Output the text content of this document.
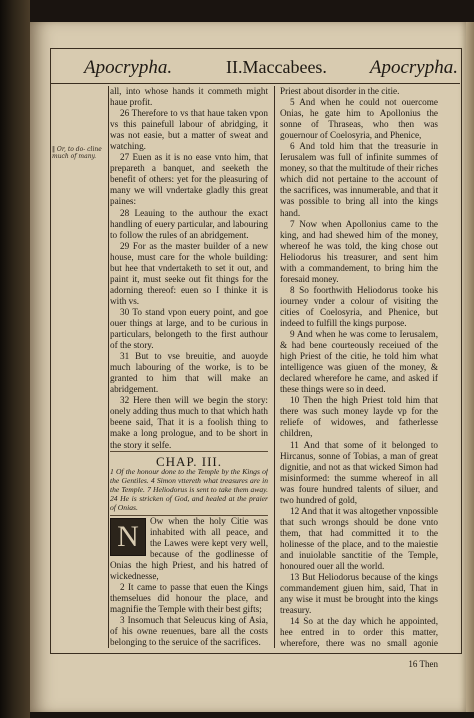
Apocrypha.	II.Maccabees. Apocrypha.
‖ Or, to do- cline much of many.

all, into whose hands it commeth might haue profit.

26 Therefore to vs that haue taken vpon vs this painefull labour of abridging, it was not easie, but a matter of sweat and watching.

27 Euen as it is no ease vnto him, that prepareth a banquet, and seeketh the benefit of others: yet for the pleasuring of many we will vndertake gladly this great paines:

28 Leauing to the authour the exact handling of euery particular, and labouring to follow the rules of an abridgement.

29 For as the master builder of a new house, must care for the whole building: but hee that vndertaketh to set it out, and paint it, must seeke out fit things for the adorning thereof: euen so I thinke it is with vs.

30 To stand vpon euery point, and goe ouer things at large, and to be curious in particulars, belongeth to the first authour of the story.

31 But to vse breuitie, and auoyde much labouring of the worke, is to be granted to him that will make an abridgement.

32 Here then will we begin the story: onely adding thus much to that which hath beene said, That it is a foolish thing to make a long prologue, and to be short in the story it selfe.

CHAP. III.

1 Of the honour done to the Temple by the Kings of the Gentiles. 4 Simon vttereth what treasures are in the Temple. 7 Heliodorus is sent to take them away. 24 He is stricken of God, and healed at the praier of Onias.

N	Ow when the holy Citie was inhabited with all peace, and the Lawes were kept very well, because of the godlinesse of Onias the high Priest, and his hatred of wickednesse,

2 It came to passe that euen the Kings themselues did honour the place, and magnifie the Temple with their best gifts;

3 Insomuch that Seleucus king of Asia, of his owne reuenues, bare all the costs belonging to the seruice of the sacrifices.

Priest about disorder in the citie.

5 And when he could not ouercome Onias, he gate him to Apollonius the sonne of Thraseas, who then was gouernour of Coelosyria, and Phenice,

6 And told him that the treasurie in Ierusalem was full of infinite summes of money, so that the multitude of their riches which did not pertaine to the account of the sacrifices, was innumerable, and that it was possible to bring all into the kings hand.

7 Now when Apollonius came to the king, and had shewed him of the money, whereof he was told, the king chose out Heliodorus his treasurer, and sent him with a commandement, to bring him the foresaid money.

8 So foorthwith Heliodorus tooke his iourney vnder a colour of visiting the cities of Coelosyria, and Phenice, but indeed to fulfill the kings purpose.

9 And when he was come to Ierusalem, & had bene courteously receiued of the high Priest of the citie, he told him what intelligence was giuen of the money, & declared wherefore he came, and asked if these things were so in deed.

10 Then the high Priest told him that there was such money layde vp for the reliefe of widowes, and fatherlesse children,

11 And that some of it belonged to Hircanus, sonne of Tobias, a man of great dignitie, and not as that wicked Simon had misinformed: the summe whereof in all was foure hundred talents of siluer, and two hundred of gold,

12 And that it was altogether vnpossible that such wrongs should be done vnto them, that had committed it to the holinesse of the place, and to the maiestie and inuiolable sanctitie of the Temple, honoured ouer all the world.

13 But Heliodorus because of the kings commandement giuen him, said, That in any wise it must be brought into the kings treasury.

14 So at the day which he appointed, hee entred in to order this matter, wherefore, there was no small agonie

16 Then
